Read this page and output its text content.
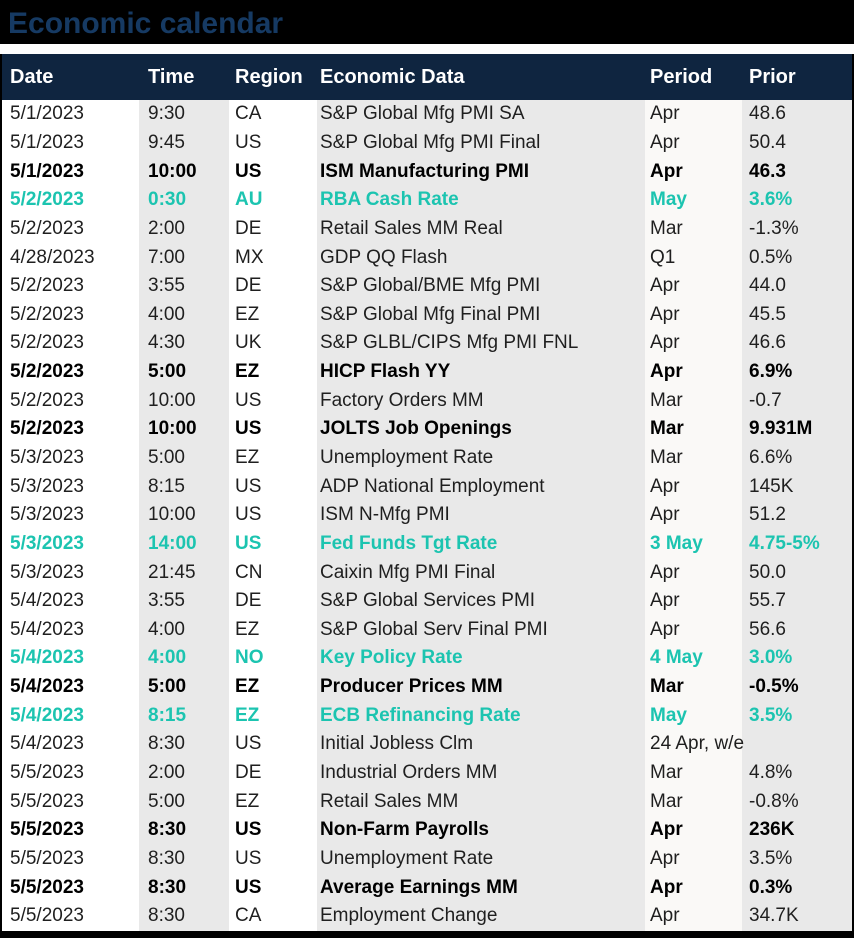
Economic calendar
Date	Time	Region	Economic Data	Period	Prior

5/1/2023	9:30	CA	S&P Global Mfg PMI SA	Apr	48.6

5/1/2023	9:45	US	S&P Global Mfg PMI Final	Apr	50.4

5/1/2023	10:00	US	ISM Manufacturing PMI	Apr	46.3

5/2/2023	0:30	AU	RBA Cash Rate	May	3.6%

5/2/2023	2:00	DE	Retail Sales MM Real	Mar	-1.3%

4/28/2023	7:00	MX	GDP QQ Flash	Q1	0.5%

5/2/2023	3:55	DE	S&P Global/BME Mfg PMI	Apr	44.0

5/2/2023	4:00	EZ	S&P Global Mfg Final PMI	Apr	45.5

5/2/2023	4:30	UK	S&P GLBL/CIPS Mfg PMI FNL	Apr	46.6

5/2/2023	5:00	EZ	HICP Flash YY	Apr	6.9%

5/2/2023	10:00	US	Factory Orders MM	Mar	-0.7

5/2/2023	10:00	US	JOLTS Job Openings	Mar	9.931M

5/3/2023	5:00	EZ	Unemployment Rate	Mar	6.6%

5/3/2023	8:15	US	ADP National Employment	Apr	145K

5/3/2023	10:00	US	ISM N-Mfg PMI	Apr	51.2

5/3/2023	14:00	US	Fed Funds Tgt Rate	3 May	4.75-5%

5/3/2023	21:45	CN	Caixin Mfg PMI Final	Apr	50.0

5/4/2023	3:55	DE	S&P Global Services PMI	Apr	55.7

5/4/2023	4:00	EZ	S&P Global Serv Final PMI	Apr	56.6

5/4/2023	4:00	NO	Key Policy Rate	4 May	3.0%

5/4/2023	5:00	EZ	Producer Prices MM	Mar	-0.5%

5/4/2023	8:15	EZ	ECB Refinancing Rate	May	3.5%

5/4/2023	8:30	US	Initial Jobless Clm	24 Apr, w/e	

5/5/2023	2:00	DE	Industrial Orders MM	Mar	4.8%

5/5/2023	5:00	EZ	Retail Sales MM	Mar	-0.8%

5/5/2023	8:30	US	Non-Farm Payrolls	Apr	236K

5/5/2023	8:30	US	Unemployment Rate	Apr	3.5%

5/5/2023	8:30	US	Average Earnings MM	Apr	0.3%

5/5/2023	8:30	CA	Employment Change	Apr	34.7K
